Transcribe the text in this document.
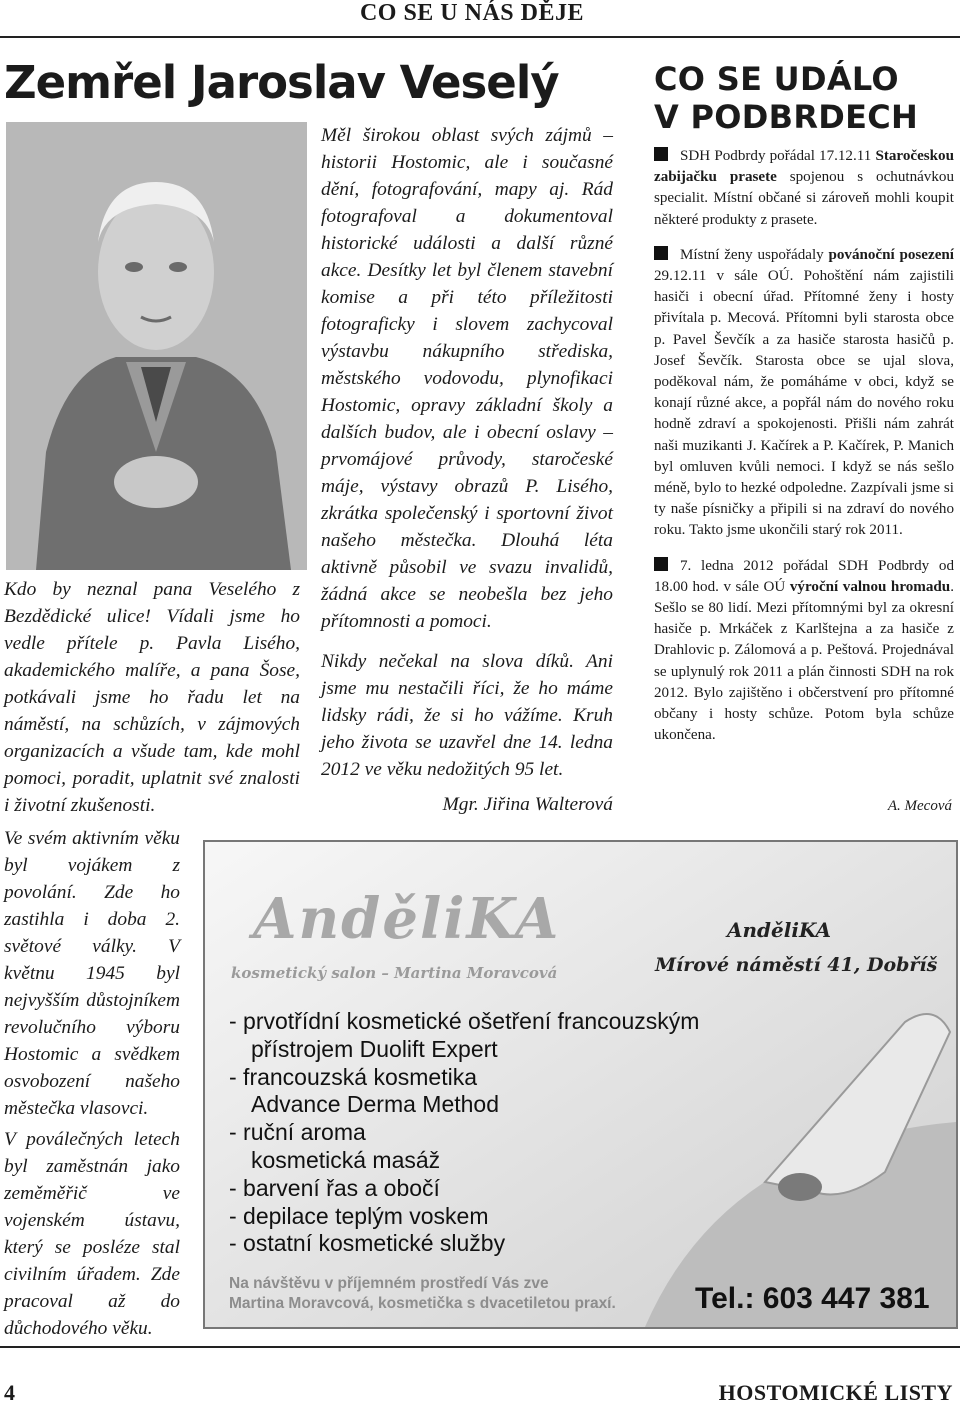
CO SE U NÁS DĚJE
Zemřel Jaroslav Veselý

Kdo by neznal pana Veselého z Bezdědické ulice! Vídali jsme ho vedle přítele p. Pavla Lisého, akademického malíře, a pana Šose, potkávali jsme ho řadu let na náměstí, na schůzích, v zájmových organizacích a všude tam, kde mohl pomoci, poradit, uplatnit své znalosti i životní zkušenosti.

Ve svém aktivním věku byl vojákem z povolání. Zde ho zastihla i doba 2. světové války. V květnu 1945 byl nejvyšším důstojníkem revolučního výboru Hostomic a svědkem osvobození našeho městečka vlasovci.

V poválečných letech byl zaměstnán jako zeměměřič ve vojenském ústavu, který se posléze stal civilním úřadem. Zde pracoval až do důchodového věku.

Měl širokou oblast svých zájmů – historii Hostomic, ale i současné dění, fotografování, mapy aj. Rád fotografoval a dokumentoval historické události a další různé akce. Desítky let byl členem stavební komise a při této příležitosti fotograficky i slovem zachycoval výstavbu nákupního střediska, městského vodovodu, plynofikaci Hostomic, opravy základní školy a dalších budov, ale i obecní oslavy – prvomájové průvody, staročeské máje, výstavy obrazů P. Lisého, zkrátka společenský i sportovní život našeho městečka. Dlouhá léta aktivně působil ve svazu invalidů, žádná akce se neobešla bez jeho přítomnosti a pomoci.

Nikdy nečekal na slova díků. Ani jsme mu nestačili říci, že ho máme lidsky rádi, že si ho vážíme. Kruh jeho života se uzavřel dne 14. ledna 2012 ve věku nedožitých 95 let.

Mgr. Jiřina Walterová

CO SE UDÁLO
V PODBRDECH

SDH Podbrdy pořádal 17.12.11 Staročeskou zabijačku prasete spojenou s ochutnávkou specialit. Místní občané si zároveň mohli koupit některé produkty z prasete.

Místní ženy uspořádaly povánoční posezení 29.12.11 v sále OÚ. Pohoštění nám zajistili hasiči i obecní úřad. Přítomné ženy i hosty přivítala p. Mecová. Přítomni byli starosta obce p. Pavel Ševčík a za hasiče starosta hasičů p. Josef Ševčík. Starosta obce se ujal slova, poděkoval nám, že pomáháme v obci, když se konají různé akce, a popřál nám do nového roku hodně zdraví a spokojenosti. Přišli nám zahrát naši muzikanti J. Kačírek a P. Kačírek, P. Manich byl omluven kvůli nemoci. I když se nás sešlo méně, bylo to hezké odpoledne. Zazpívali jsme si ty naše písničky a připili si na zdraví do nového roku. Takto jsme ukončili starý rok 2011.

7. ledna 2012 pořádal SDH Podbrdy od 18.00 hod. v sále OÚ výroční valnou hromadu. Sešlo se 80 lidí. Mezi přítomnými byl za okresní hasiče p. Mrkáček z Karlštejna a za hasiče z Drahlovic p. Zálomová a p. Peštová. Projednával se uplynulý rok 2011 a plán činnosti SDH na rok 2012. Bylo zajištěno i občerstvení pro přítomné občany i hosty schůze. Potom byla schůze ukončena.

A. Mecová
AnděliKA
kosmetický salon – Martina Moravcová
AnděliKA
Mírové náměstí 41, Dobříš
- prvotřídní kosmetické ošetření francouzským
přístrojem Duolift Expert
- francouzská kosmetika
Advance Derma Method
- ruční aroma
kosmetická masáž
- barvení řas a obočí
- depilace teplým voskem
- ostatní kosmetické služby
Na návštěvu v příjemném prostředí Vás zve
Martina Moravcová, kosmetička s dvacetiletou praxí.	Tel.: 603 447 381
4	HOSTOMICKÉ LISTY
